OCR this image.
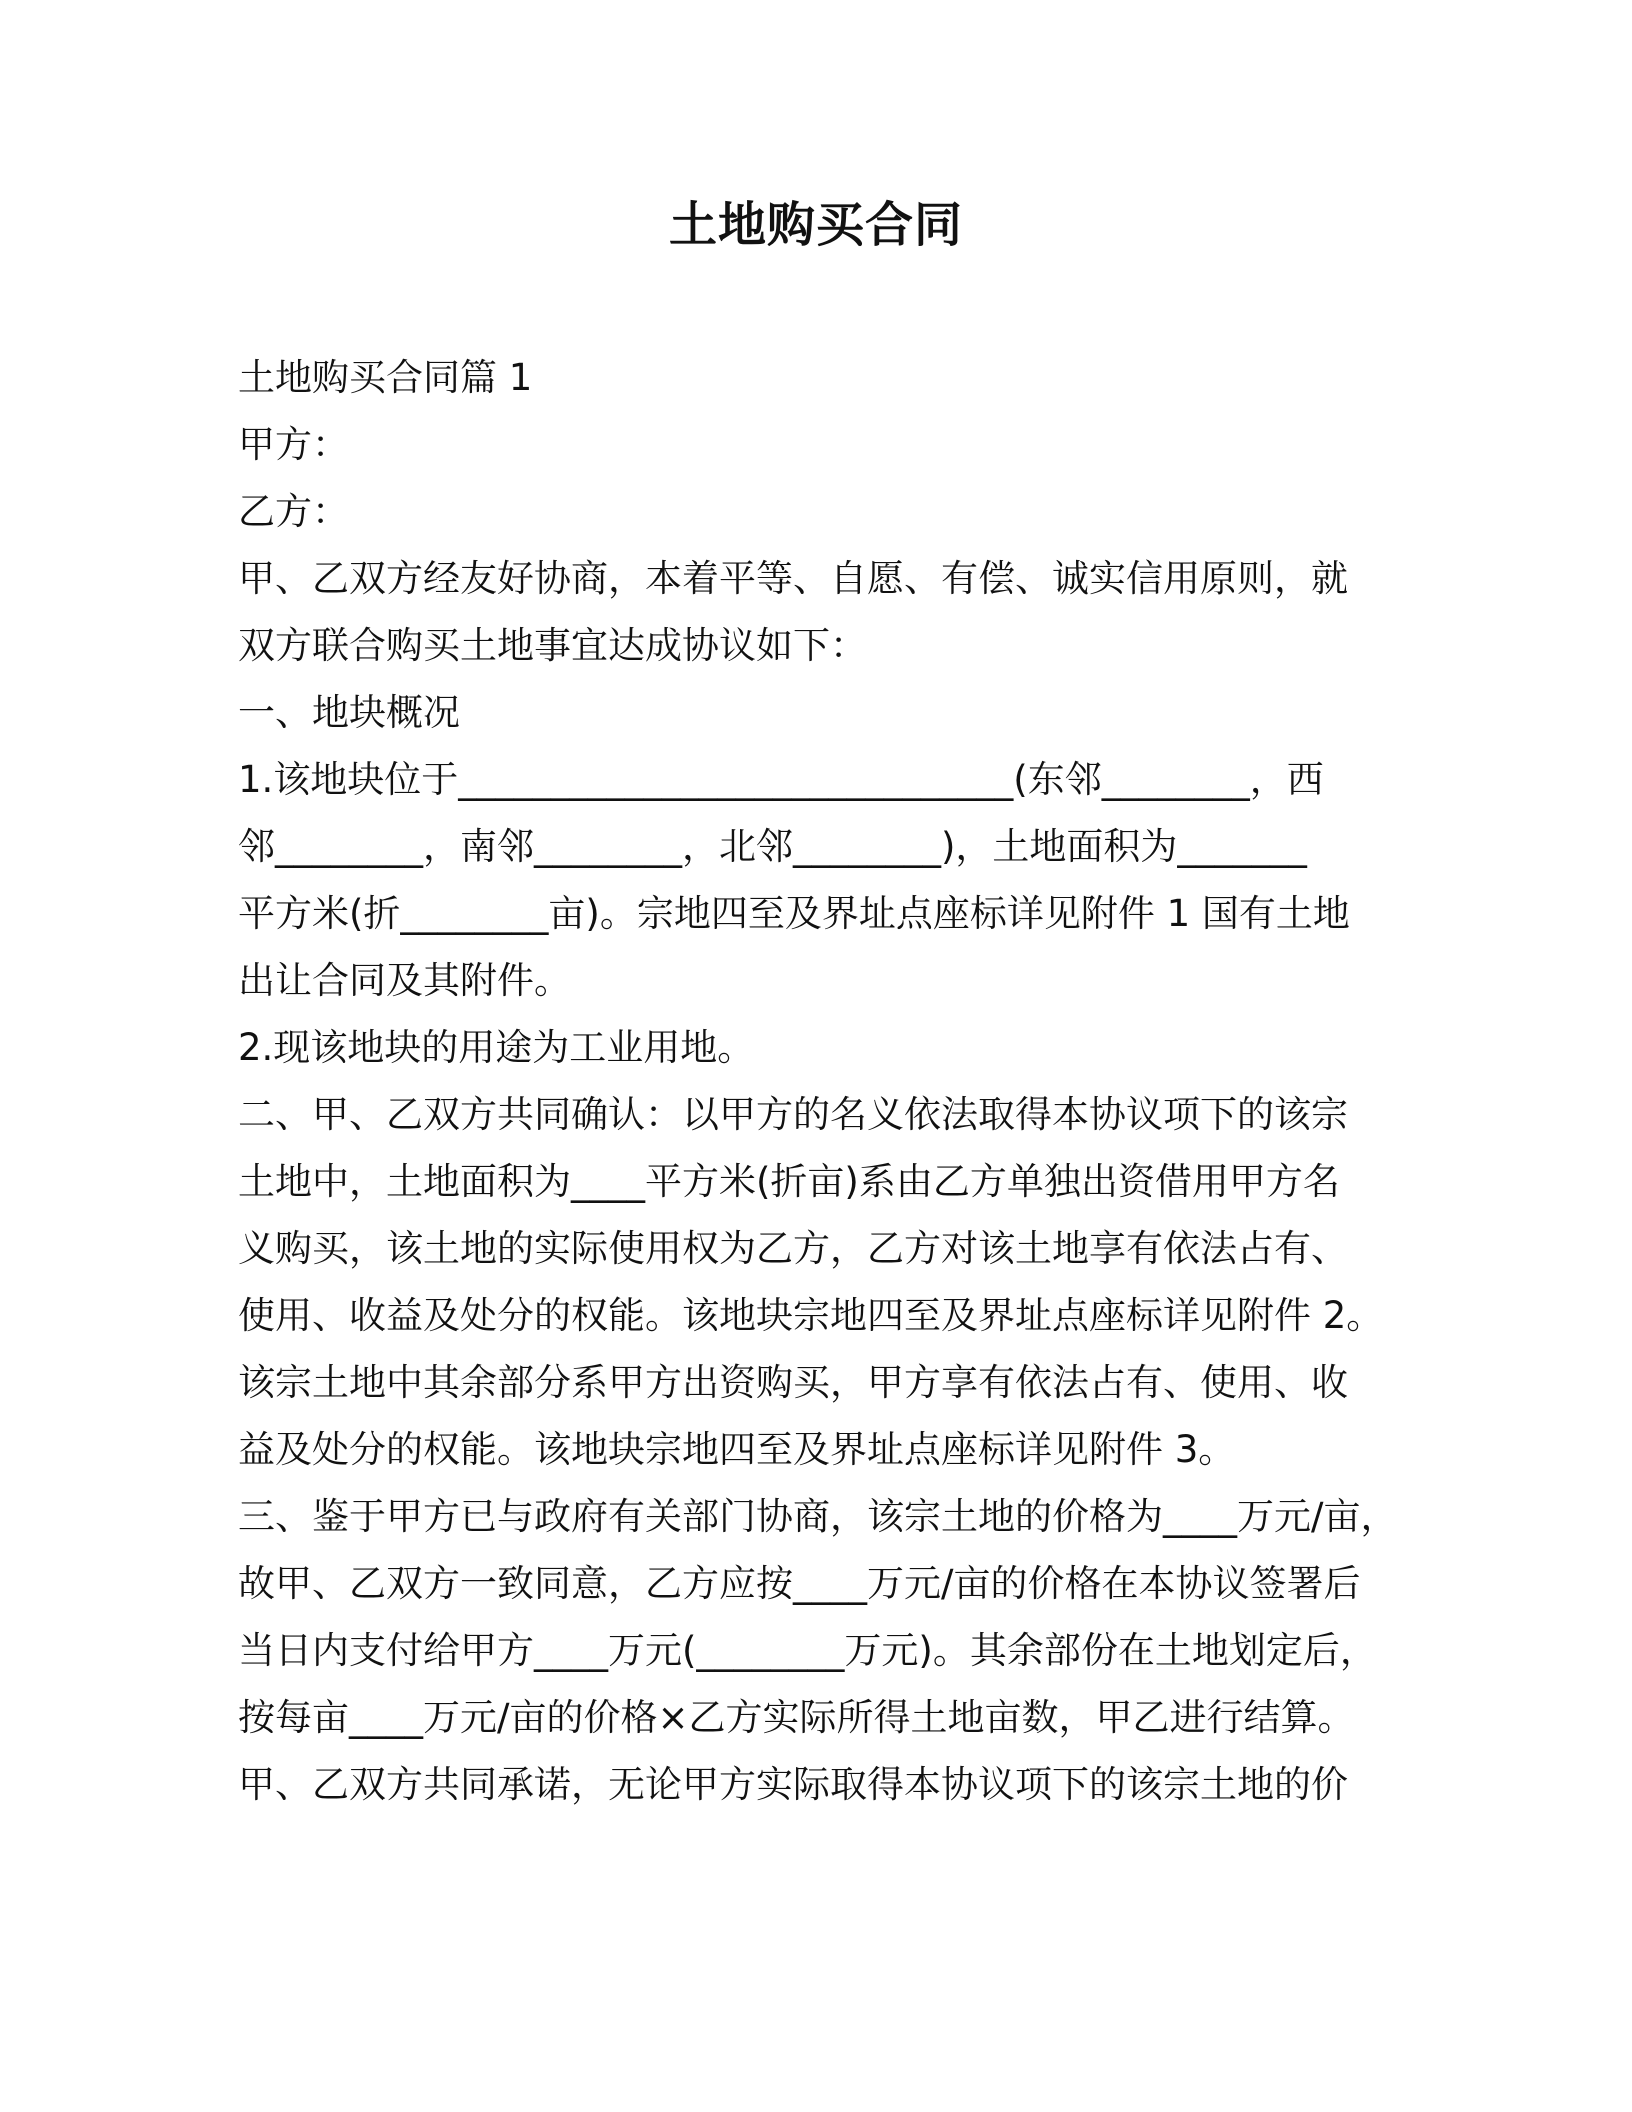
土地购买合同

土地购买合同篇 1

甲方：

乙方：

甲、乙双方经友好协商，本着平等、自愿、有偿、诚实信用原则，就

双方联合购买土地事宜达成协议如下：

一、地块概况

1.该地块位于______________________________(东邻________，西

邻________，南邻________，北邻________)，土地面积为_______

平方米(折________亩)。宗地四至及界址点座标详见附件 1 国有土地

出让合同及其附件。

2.现该地块的用途为工业用地。

二、甲、乙双方共同确认：以甲方的名义依法取得本协议项下的该宗

土地中，土地面积为____平方米(折亩)系由乙方单独出资借用甲方名

义购买，该土地的实际使用权为乙方，乙方对该土地享有依法占有、

使用、收益及处分的权能。该地块宗地四至及界址点座标详见附件 2。

该宗土地中其余部分系甲方出资购买，甲方享有依法占有、使用、收

益及处分的权能。该地块宗地四至及界址点座标详见附件 3。

三、鉴于甲方已与政府有关部门协商，该宗土地的价格为____万元/亩，

故甲、乙双方一致同意，乙方应按____万元/亩的价格在本协议签署后

当日内支付给甲方____万元(________万元)。其余部份在土地划定后，

按每亩____万元/亩的价格×乙方实际所得土地亩数，甲乙进行结算。

甲、乙双方共同承诺，无论甲方实际取得本协议项下的该宗土地的价
